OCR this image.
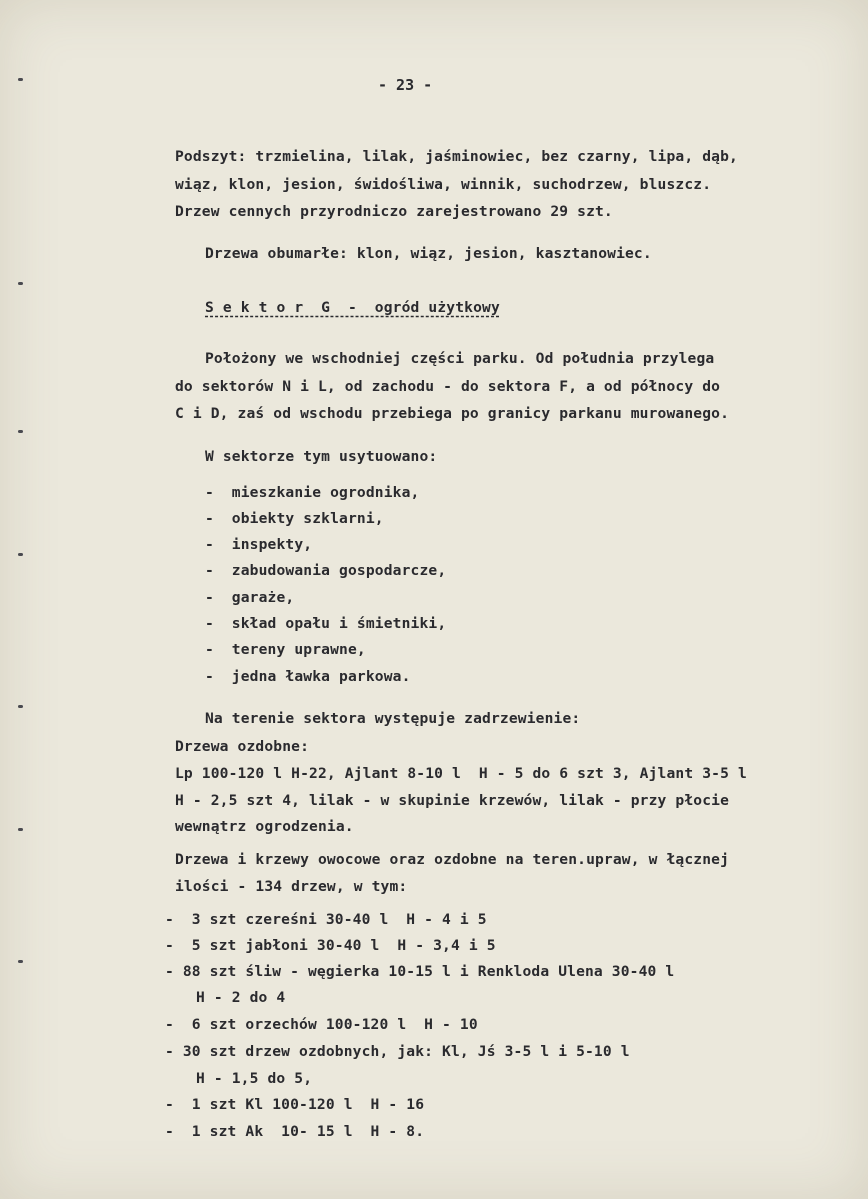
- 23 -
Podszyt: trzmielina, lilak, jaśminowiec, bez czarny, lipa, dąb,
wiąz, klon, jesion, świdośliwa, winnik, suchodrzew, bluszcz.
Drzew cennych przyrodniczo zarejestrowano 29 szt.
Drzewa obumarłe: klon, wiąz, jesion, kasztanowiec.
S e k t o r  G  -  ogród użytkowy
Położony we wschodniej części parku. Od południa przylega
do sektorów N i L, od zachodu - do sektora F, a od północy do
C i D, zaś od wschodu przebiega po granicy parkanu murowanego.
W sektorze tym usytuowano:
-  mieszkanie ogrodnika,
-  obiekty szklarni,
-  inspekty,
-  zabudowania gospodarcze,
-  garaże,
-  skład opału i śmietniki,
-  tereny uprawne,
-  jedna ławka parkowa.
Na terenie sektora występuje zadrzewienie:
Drzewa ozdobne:
Lp 100-120 l H-22, Ajlant 8-10 l  H - 5 do 6 szt 3, Ajlant 3-5 l
H - 2,5 szt 4, lilak - w skupinie krzewów, lilak - przy płocie
wewnątrz ogrodzenia.
Drzewa i krzewy owocowe oraz ozdobne na teren.upraw, w łącznej
ilości - 134 drzew, w tym:
-  3 szt czereśni 30-40 l  H - 4 i 5
-  5 szt jabłoni 30-40 l  H - 3,4 i 5
- 88 szt śliw - węgierka 10-15 l i Renkloda Ulena 30-40 l
H - 2 do 4
-  6 szt orzechów 100-120 l  H - 10
- 30 szt drzew ozdobnych, jak: Kl, Jś 3-5 l i 5-10 l
H - 1,5 do 5,
-  1 szt Kl 100-120 l  H - 16
-  1 szt Ak  10- 15 l  H - 8.
